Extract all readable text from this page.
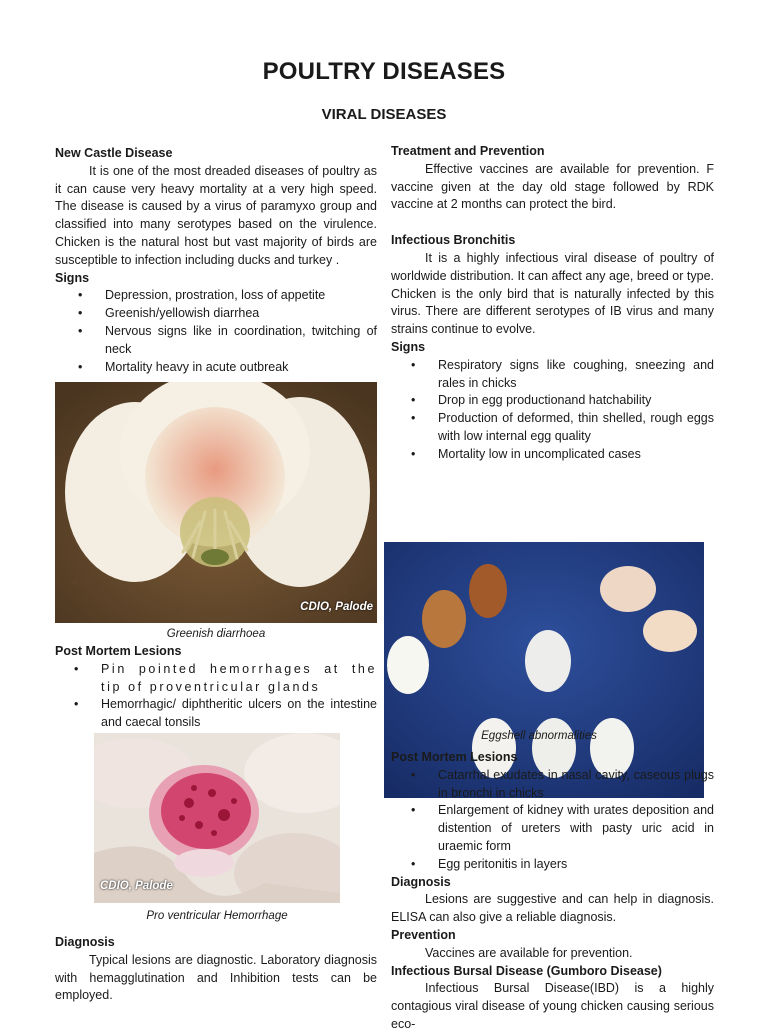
POULTRY DISEASES
VIRAL DISEASES
New Castle Disease

It is one of the most dreaded diseases of poultry as it can cause very heavy mortality at a very high speed. The disease is caused by a virus of paramyxo group and classified into many serotypes based on the virulence. Chicken is the natural host but vast majority of birds are susceptible to infection including ducks and turkey .

Signs
• Depression, prostration, loss of appetite
• Greenish/yellowish diarrhea
• Nervous signs like in coordination, twitching of neck
• Mortality heavy in acute outbreak
CDIO, Palode
Greenish diarrhoea
Post Mortem Lesions
• Pin pointed hemorrhages at the tip of proventricular glands
• Hemorrhagic/ diphtheritic ulcers on the intestine and caecal tonsils
CDIO, Palode
Pro ventricular Hemorrhage
Diagnosis

Typical lesions are diagnostic. Laboratory diagnosis with hemagglutination and Inhibition tests can be employed.

Treatment and Prevention

Effective vaccines are available for prevention. F vaccine given at the day old stage followed by RDK vaccine at 2 months can protect the bird.

Infectious Bronchitis

It is a highly infectious viral disease of poultry of worldwide distribution. It can affect any age, breed or type. Chicken is the only bird that is naturally infected by this virus. There are different serotypes of IB virus and many strains continue to evolve.

Signs
• Respiratory signs like coughing, sneezing and rales in chicks
• Drop in egg productionand hatchability
• Production of deformed, thin shelled, rough eggs with low internal egg quality
• Mortality low in uncomplicated cases
Eggshell abnormalities
Post Mortem Lesions
• Catarrhal exudates in nasal cavity, caseous plugs in bronchi in chicks
• Enlargement of kidney with urates deposition and distention of ureters with pasty uric acid in uraemic form
• Egg peritonitis in layers
Diagnosis

Lesions are suggestive and can help in diagnosis. ELISA can also give a reliable diagnosis.

Prevention

Vaccines are available for prevention.

Infectious Bursal Disease (Gumboro Disease)

Infectious Bursal Disease(IBD) is a highly contagious viral disease of young chicken causing serious eco-
